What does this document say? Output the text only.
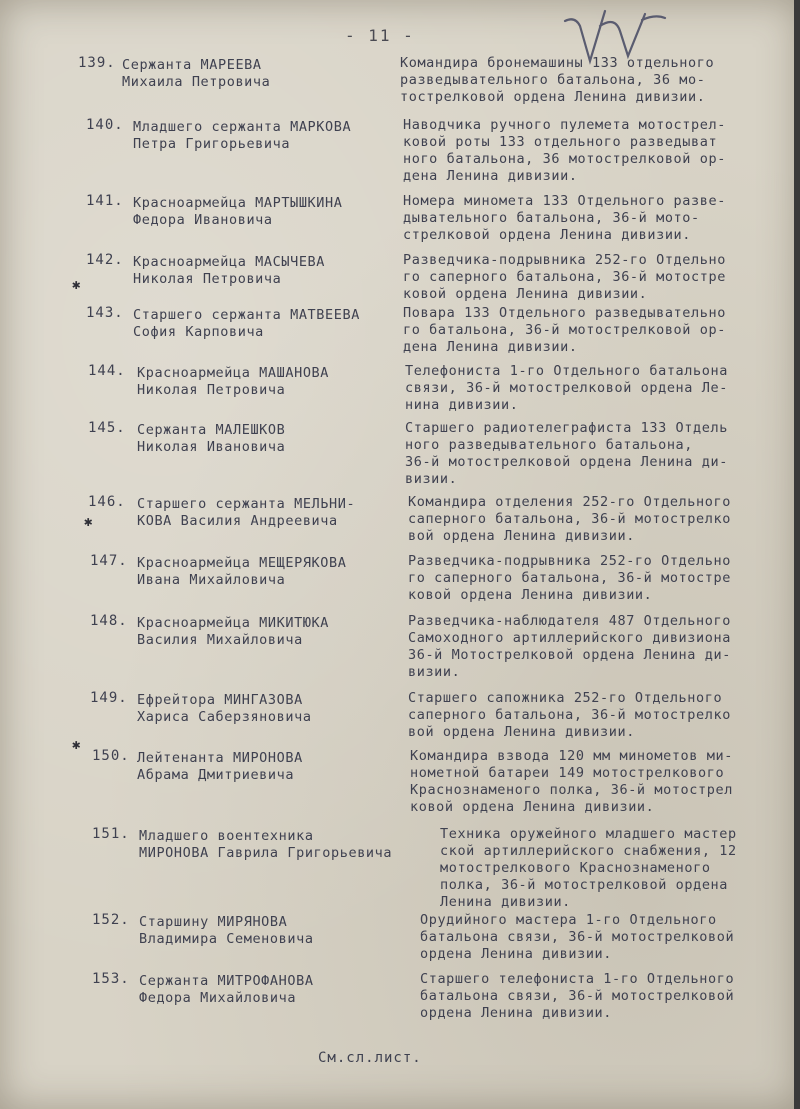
- 11 -
139. Сержанта МАРЕЕВА
Михаила Петровича
Командира бронемашины 133 отдельного
разведывательного батальона, 36 мо-
тострелковой ордена Ленина дивизии.
140. Младшего сержанта МАРКОВА
Петра Григорьевича
Наводчика ручного пулемета мотострел-
ковой роты 133 отдельного разведыват
ного батальона, 36 мотострелковой ор-
дена Ленина дивизии.
141. Красноармейца МАРТЫШКИНА
Федора Ивановича
Номера миномета 133 Отдельного разве-
дывательного батальона, 36-й мото-
стрелковой ордена Ленина дивизии.
142. Красноармейца МАСЫЧЕВА
Николая Петровича
Разведчика-подрывника 252-го Отдельно
го саперного батальона, 36-й мотостре
ковой ордена Ленина дивизии.
143. Старшего сержанта МАТВЕЕВА
София Карповича
Повара 133 Отдельного разведывательно
го батальона, 36-й мотострелковой ор-
дена Ленина дивизии.
144. Красноармейца МАШАНОВА
Николая Петровича
Телефониста 1-го Отдельного батальона
связи, 36-й мотострелковой ордена Ле-
нина дивизии.
145. Сержанта МАЛЕШКОВ
Николая Ивановича
Старшего радиотелеграфиста 133 Отдель
ного разведывательного батальона,
36-й мотострелковой ордена Ленина ди-
визии.
146. Старшего сержанта МЕЛЬНИ-
КОВА Василия Андреевича
Командира отделения 252-го Отдельного
саперного батальона, 36-й мотострелко
вой ордена Ленина дивизии.
147. Красноармейца МЕЩЕРЯКОВА
Ивана Михайловича
Разведчика-подрывника 252-го Отдельно
го саперного батальона, 36-й мотостре
ковой ордена Ленина дивизии.
148. Красноармейца МИКИТЮКА
Василия Михайловича
Разведчика-наблюдателя 487 Отдельного
Самоходного артиллерийского дивизиона
36-й Мотострелковой ордена Ленина ди-
визии.
149. Ефрейтора МИНГАЗОВА
Хариса Саберзяновича
Старшего сапожника 252-го Отдельного
саперного батальона, 36-й мотострелко
вой ордена Ленина дивизии.
150. Лейтенанта МИРОНОВА
Абрама Дмитриевича
Командира взвода 120 мм минометов ми-
нометной батареи 149 мотострелкового
Краснознаменого полка, 36-й мотострел
ковой ордена Ленина дивизии.
151. Младшего воентехника
МИРОНОВА Гаврила Григорьевича
Техника оружейного младшего мастер
ской артиллерийского снабжения, 12
мотострелкового Краснознаменого
полка, 36-й мотострелковой ордена
Ленина дивизии.
152. Старшину МИРЯНОВА
Владимира Семеновича
Орудийного мастера 1-го Отдельного
батальона связи, 36-й мотострелковой
ордена Ленина дивизии.
153. Сержанта МИТРОФАНОВА
Федора Михайловича
Старшего телефониста 1-го Отдельного
батальона связи, 36-й мотострелковой
ордена Ленина дивизии.
✱
✱
✱
См.сл.лист.
